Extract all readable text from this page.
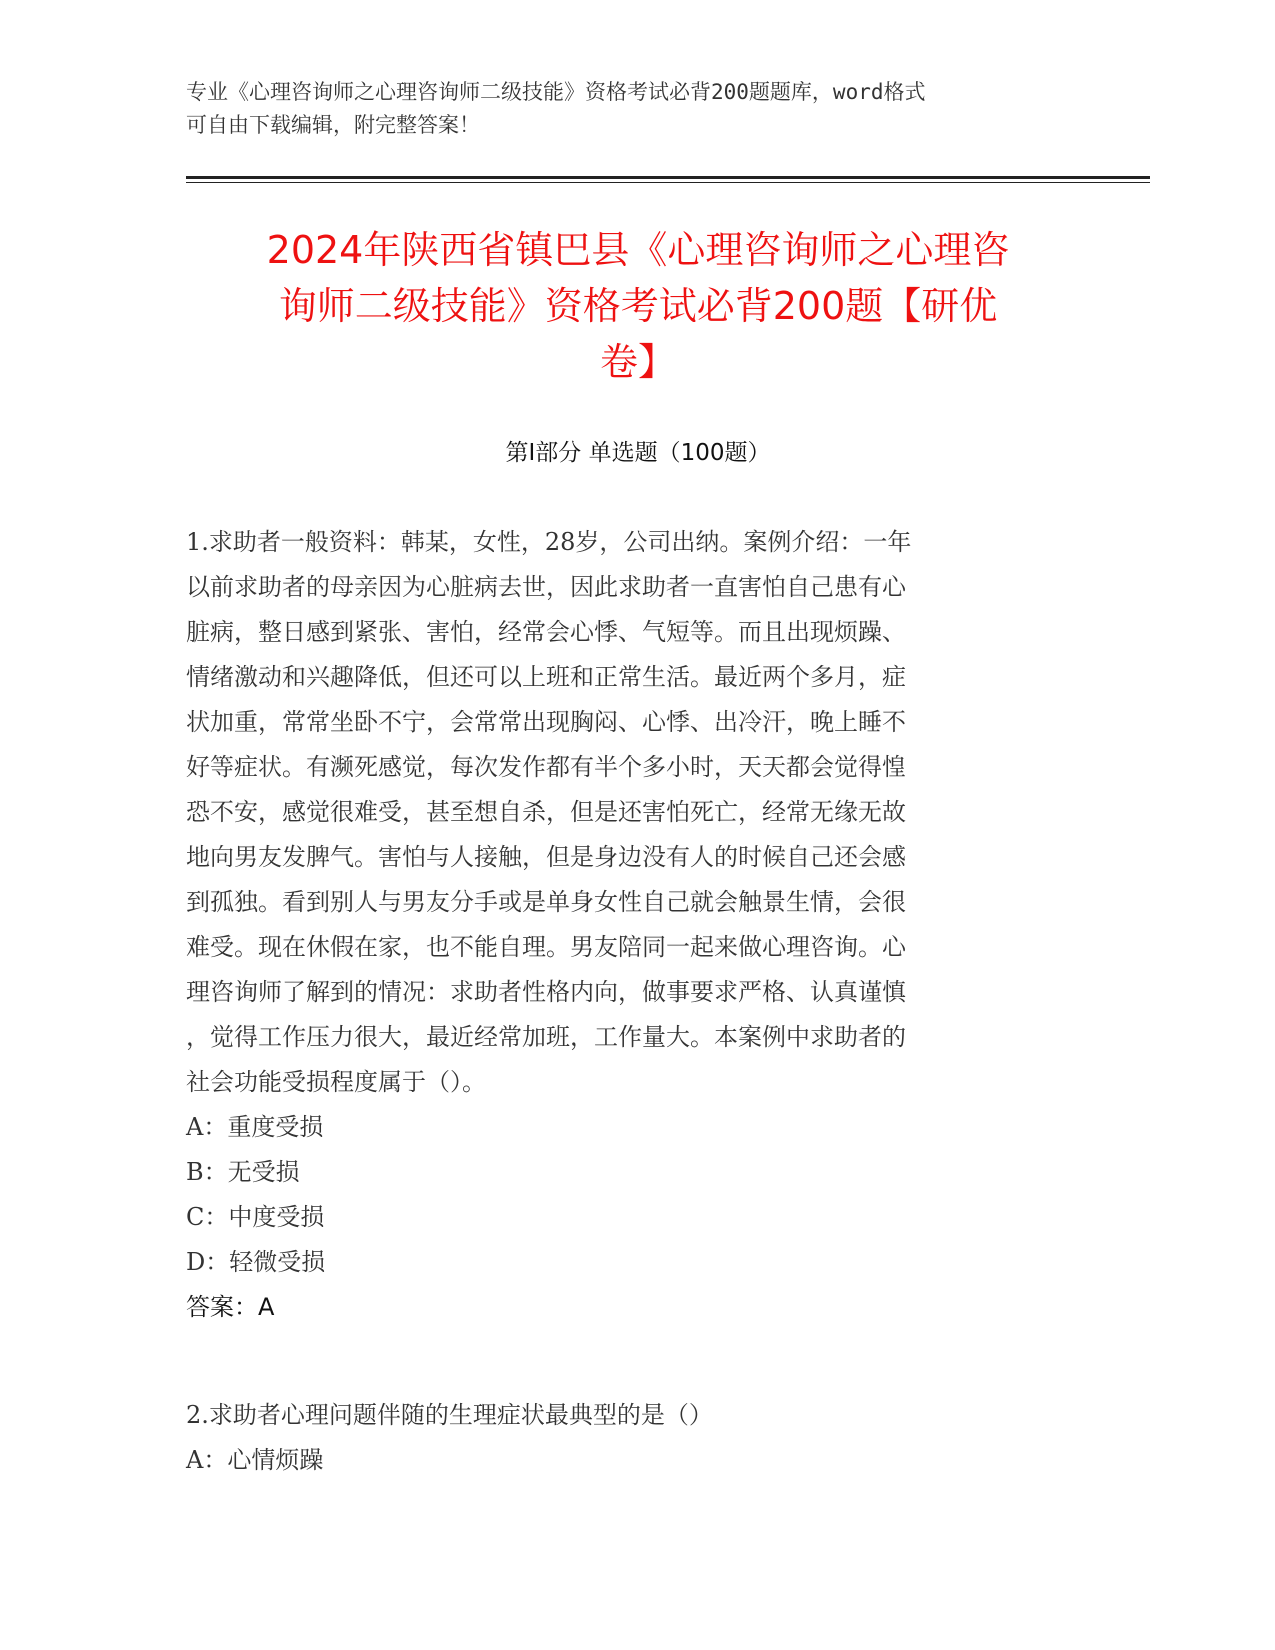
专业《心理咨询师之心理咨询师二级技能》资格考试必背200题题库，word格式
可自由下载编辑，附完整答案！
2024年陕西省镇巴县《心理咨询师之心理咨
询师二级技能》资格考试必背200题【研优
卷】
第Ⅰ部分 单选题（100题）
1.求助者一般资料：韩某，女性，28岁，公司出纳。案例介绍：一年
以前求助者的母亲因为心脏病去世，因此求助者一直害怕自己患有心
脏病，整日感到紧张、害怕，经常会心悸、气短等。而且出现烦躁、
情绪激动和兴趣降低，但还可以上班和正常生活。最近两个多月，症
状加重，常常坐卧不宁，会常常出现胸闷、心悸、出冷汗，晚上睡不
好等症状。有濒死感觉，每次发作都有半个多小时，天天都会觉得惶
恐不安，感觉很难受，甚至想自杀，但是还害怕死亡，经常无缘无故
地向男友发脾气。害怕与人接触，但是身边没有人的时候自己还会感
到孤独。看到别人与男友分手或是单身女性自己就会触景生情，会很
难受。现在休假在家，也不能自理。男友陪同一起来做心理咨询。心
理咨询师了解到的情况：求助者性格内向，做事要求严格、认真谨慎
，觉得工作压力很大，最近经常加班，工作量大。本案例中求助者的
社会功能受损程度属于（）。
A：重度受损
B：无受损
C：中度受损
D：轻微受损
答案：A
2.求助者心理问题伴随的生理症状最典型的是（）
A：心情烦躁
